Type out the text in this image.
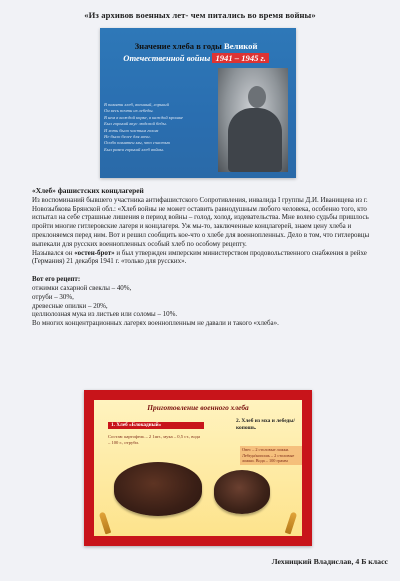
«Из архивов военных лет- чем питались во время войны»
Значение хлеба в годы Великой
Отечественной войны 1941 – 1945 г.
В памяти хлеб, военный, горький
Он весь почти из лебеды.
В нем в каждой корке, в каждой крошке
Был горький вкус людской беды.
И хоть было частым голом
Не было белее для ночи.
Особо памятен мы, что счастью
Был равен горький хлеб войны.

«Хлеб» фашистских концлагерей

Из воспоминаний бывшего участника антифашистского Сопротивления, инвалида I группы Д.И. Иванищева из г. Новозыбкова Брянской обл.: «Хлеб войны не может оставить равнодушным любого человека, особенно того, кто испытал на себе страшные лишения в период войны – голод, холод, издевательства. Мне волею судьбы пришлось пройти многие гитлеровские лагеря и концлагеря. Уж мы-то, заключенные концлагерей, знаем цену хлеба и преклоняемся перед ним. Вот и решил сообщить кое-что о хлебе для военнопленных. Дело в том, что гитлеровцы выпекали для русских военнопленных особый хлеб по особому рецепту.

Назывался он «остен-брот» и был утвержден имперским министерством продовольственного снабжения в рейхе (Германия) 21 декабря 1941 г. «только для русских».

Вот его рецепт:

отжимки сахарной свеклы – 40%,

отруби – 30%,

древесные опилки – 20%,

целлюлозная мука из листьев или соломы – 10%.

Во многих концентрационных лагерях военнопленным не давали и такого «хлеба».

Приготовление военного хлеба
1. Хлеб «Блокадный»
Состав: картофель – 2 1шт., мука – 0,5 ст., вода – 100 г., отруби.
2. Хлеб из мха и лебеды/копошь.
Овес – 2 столовые ложки. Лебеда/копошь – 2 столовые ложки. Вода – 100 грамм
Лехницкий Владислав, 4 Б класс
